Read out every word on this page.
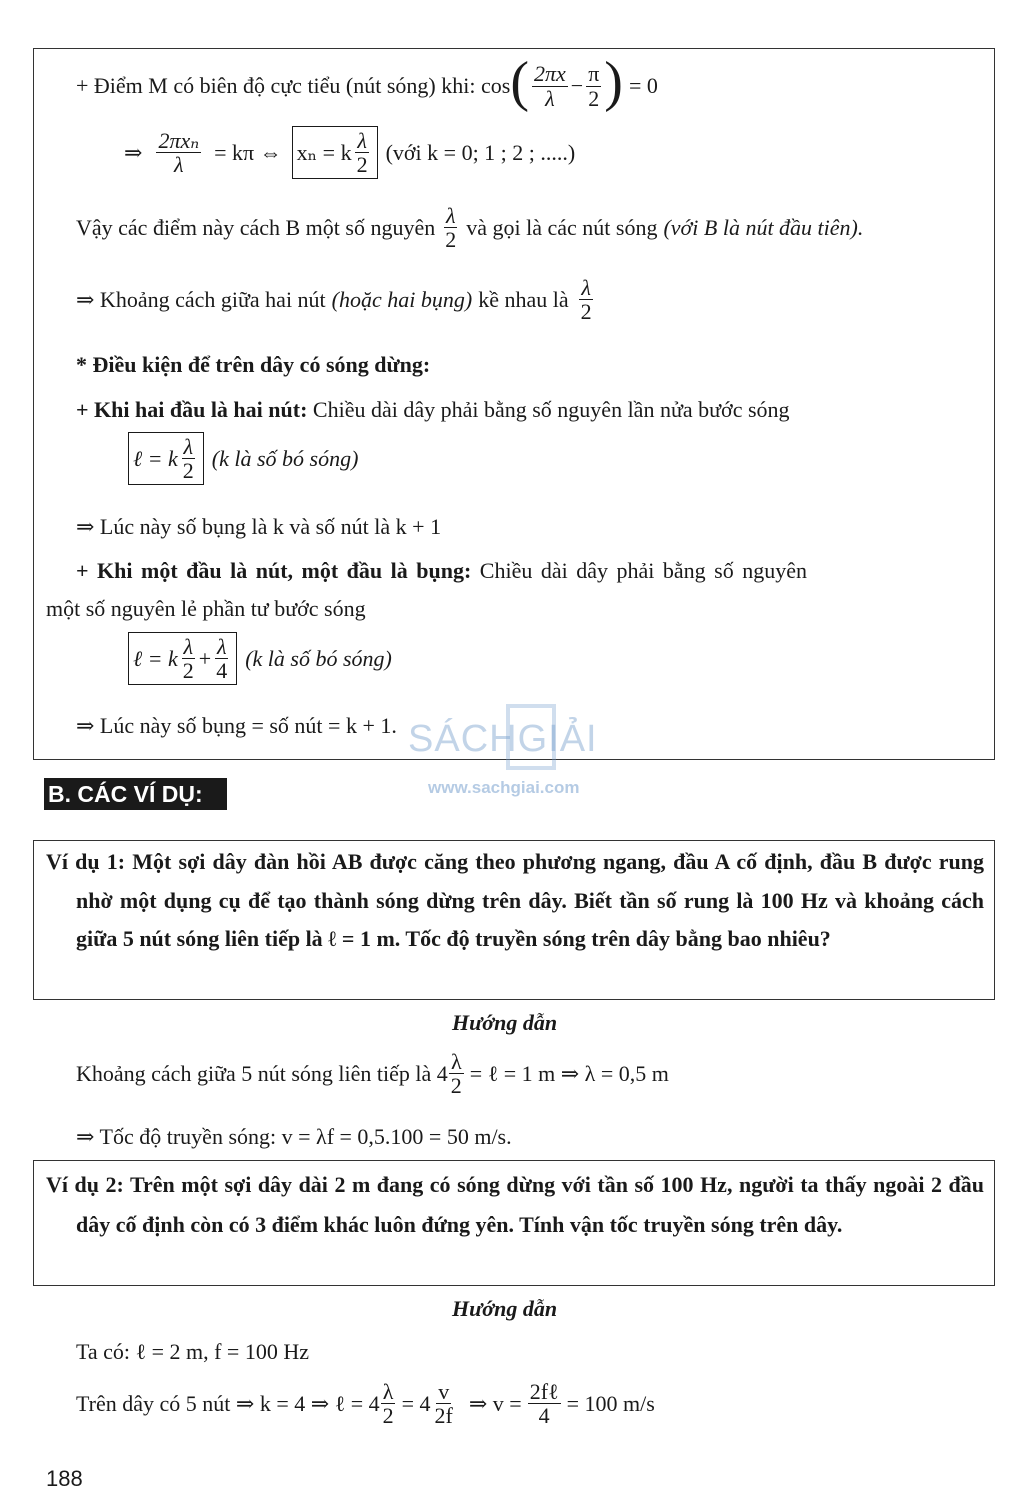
+ Điểm M có biên độ cực tiểu (nút sóng) khi: cos ( $\frac{2\pi x}{\lambda} - \frac{\pi}{2}$ ) = 0
⇒ $\frac{\text{2πxₙ}}{\lambda} = k\pi$ ⇔ xₙ = k $\frac{\lambda}{2}$ (với k = 0; 1 ; 2 ; .....)
Vậy các điểm này cách B một số nguyên $\frac{\lambda}{2}$ và gọi là các nút sóng (với B là nút đầu tiên).
⇒ Khoảng cách giữa hai nút (hoặc hai bụng) kề nhau là $\frac{\lambda}{2}$
* Điều kiện để trên dây có sóng dừng:
+ Khi hai đầu là hai nút: Chiều dài dây phải bằng số nguyên lần nửa bước sóng
ℓ = k $\frac{\lambda}{2} (k$ là số bó sóng)
⇒ Lúc này số bụng là k và số nút là k + 1
+ Khi một đầu là nút, một đầu là bụng: Chiều dài dây phải bằng số nguyên
một số nguyên lẻ phần tư bước sóng
ℓ = k $\frac{\lambda}{2} + \frac{\lambda}{4} (k$ là số bó sóng)
⇒ Lúc này số bụng = số nút = k + 1. SÁCHGIẢI
www.sachgiai.com
B. CÁC VÍ DỤ:
Ví dụ 1: Một sợi dây đàn hồi AB được căng theo phương ngang, đầu A cố định, đầu B được rung nhờ một dụng cụ để tạo thành sóng dừng trên dây. Biết tần số rung là 100 Hz và khoảng cách giữa 5 nút sóng liên tiếp là ℓ = 1 m. Tốc độ truyền sóng trên dây bằng bao nhiêu?
Hướng dẫn
Khoảng cách giữa 5 nút sóng liên tiếp là $4 \frac{\lambda}{2}$ = ℓ = 1 m ⇒ λ = 0,5 m
⇒ Tốc độ truyền sóng: v = λf = 0,5.100 = 50 m/s.
Ví dụ 2: Trên một sợi dây dài 2 m đang có sóng dừng với tần số 100 Hz, người ta thấy ngoài 2 đầu dây cố định còn có 3 điểm khác luôn đứng yên. Tính vận tốc truyền sóng trên dây.
Hướng dẫn
Ta có: ℓ = 2 m, f = 100 Hz
Trên dây có 5 nút ⇒ k = 4 ⇒ ℓ = $4 \frac{\lambda}{2} = 4 \frac{v}{2f}$ ⇒ $v = \frac{\text{2fℓ}}{4} = 100$ m/s
188
